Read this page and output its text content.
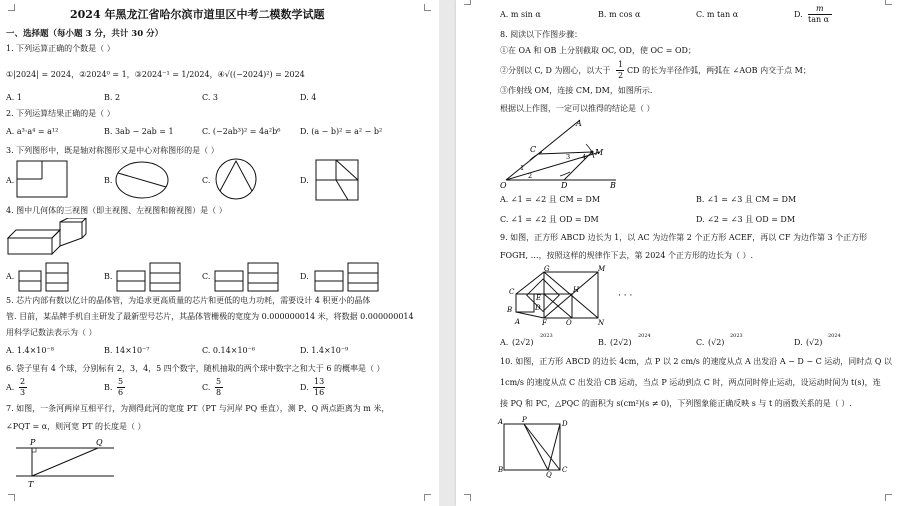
2024 年黑龙江省哈尔滨市道里区中考二模数学试题
一、选择题（每小题 3 分，共计 30 分）
1. 下列运算正确的个数是（ ）
①|2024| = 2024，②2024⁰ = 1，③2024⁻¹ = 1/2024，④√((−2024)²) = 2024
A. 1	B. 2	C. 3	D. 4
2. 下列运算结果正确的是（ ）
A. a³·a⁴ = a¹²	B. 3ab − 2ab = 1	C. (−2ab³)² = 4a²b⁶ D. (a − b)² = a² − b²
3. 下列图形中，既是轴对称图形又是中心对称图形的是（ ）
A.	B.	C.	D.
4. 图中几何体的三视图（即主视图、左视图和俯视图）是（ ）
A.	B.	C.	D.
5. 芯片内部有数以亿计的晶体管，为追求更高质量的芯片和更低的电力功耗，需要设计 4 积更小的晶体
管. 目前，某品牌手机自主研发了最新型号芯片，其晶体管栅极的宽度为 0.000000014 米，将数据 0.000000014
用科学记数法表示为（ ）
A. 1.4×10⁻⁸	B. 14×10⁻⁷	C. 0.14×10⁻⁶	D. 1.4×10⁻⁹
6. 袋子里有 4 个球，分别标有 2，3，4，5 四个数字，随机抽取的两个球中数字之和大于 6 的概率是（ ）
A.
2
3
B.
5
6
C.
5
8
D.
13
16
7. 如图，一条河两岸互相平行，为测得此河的宽度 PT（PT 与河岸 PQ 垂直），测 P、Q 两点距离为 m 米，
∠PQT = α，则河宽 PT 的长度是（ ）
P	Q
T
A. m sin α	B. m cos α	C. m tan α	D.
m
tan α
8. 阅读以下作图步骤：
①在 OA 和 OB 上分别截取 OC, OD，使 OC = OD；
②分别以 C, D 为圆心，以大于
1
2
CD 的长为半径作弧，两弧在 ∠AOB 内交于点 M；
③作射线 OM，连接 CM, DM，如图所示.
根据以上作图，一定可以推得的结论是（ ）
A
C	M
O	D	B
1
2
3 4
A. ∠1 = ∠2 且 CM = DM	B. ∠1 = ∠3 且 CM = DM
C. ∠1 = ∠2 且 OD = DM	D. ∠2 = ∠3 且 OD = DM
9. 如图，正方形 ABCD 边长为 1，以 AC 为边作第 2 个正方形 ACEF，再以 CF 为边作第 3 个正方形
FOGH, …，按照这样的规律作下去，第 2024 个正方形的边长为（ ）.
G	M
C
E
H
B	D
A	F	N
O
· · ·
A. (2√2)
2023
B. (2√2)
2024
C. (√2)
2023
D. (√2)
2024
10. 如图，正方形 ABCD 的边长 4cm，点 P 以 2 cm/s 的速度从点 A 出发沿 A − D − C 运动，同时点 Q 以
1cm/s 的速度从点 C 出发沿 CB 运动，当点 P 运动到点 C 时，两点同时停止运动，设运动时间为 t(s)，连
接 PQ 和 PC，△PQC 的面积为 s(cm²)(s ≠ 0)，下列图象能正确反映 s 与 t 的函数关系的是（ ）.
A	P	D
B
Q
C
